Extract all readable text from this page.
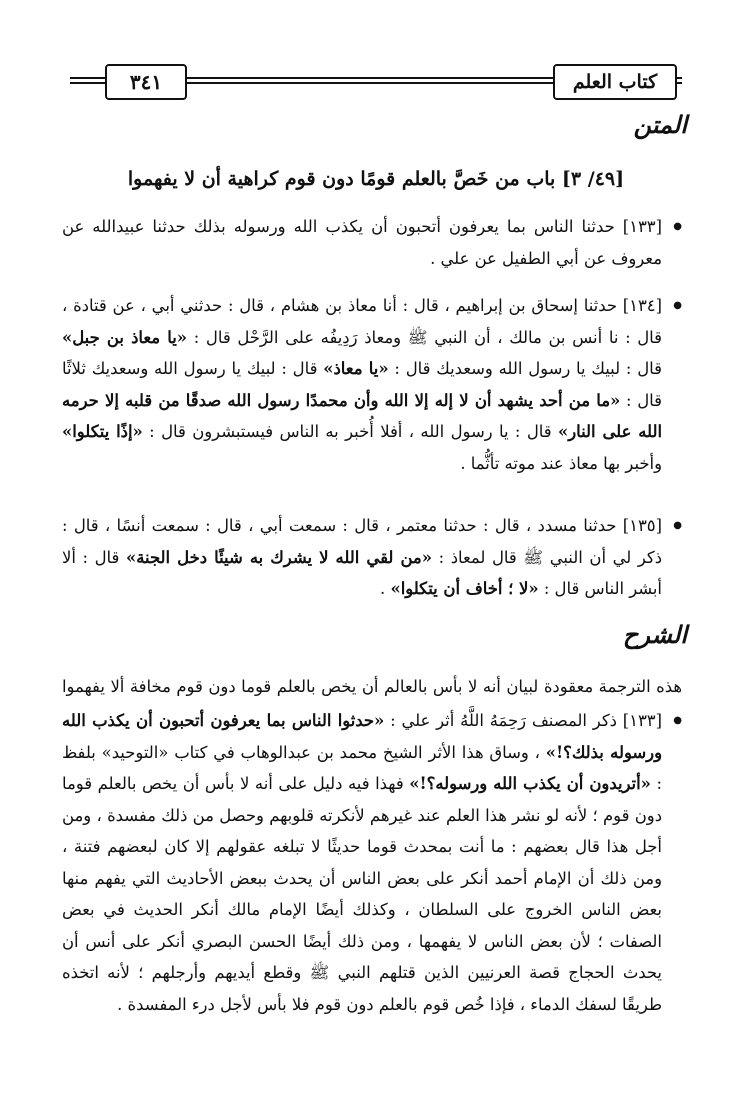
كتاب العلم
٣٤١
المتن
[٤٩/ ٣] باب من خَصَّ بالعلم قومًا دون قوم كراهية أن لا يفهموا
● [١٣٣] حدثنا الناس بما يعرفون أتحبون أن يكذب الله ورسوله بذلك حدثنا عبيدالله عن معروف عن أبي الطفيل عن علي .
● [١٣٤] حدثنا إسحاق بن إبراهيم ، قال : أنا معاذ بن هشام ، قال : حدثني أبي ، عن قتادة ، قال : نا أنس بن مالك ، أن النبي ﷺ ومعاذ رَدِيفُه على الرَّحْل قال : «يا معاذ بن جبل» قال : لبيك يا رسول الله وسعديك قال : «يا معاذ» قال : لبيك يا رسول الله وسعديك ثلاثًا قال : «ما من أحد يشهد أن لا إله إلا الله وأن محمدًا رسول الله صدقًا من قلبه إلا حرمه الله على النار» قال : يا رسول الله ، أفلا أُخبر به الناس فيستبشرون قال : «إذًا يتكلوا» وأخبر بها معاذ عند موته تأثُّما .
● [١٣٥] حدثنا مسدد ، قال : حدثنا معتمر ، قال : سمعت أبي ، قال : سمعت أنسًا ، قال : ذكر لي أن النبي ﷺ قال لمعاذ : «من لقي الله لا يشرك به شيئًا دخل الجنة» قال : ألا أبشر الناس قال : «لا ؛ أخاف أن يتكلوا» .
الشرح
هذه الترجمة معقودة لبيان أنه لا بأس بالعالم أن يخص بالعلم قوما دون قوم مخافة ألا يفهموا .
● [١٣٣] ذكر المصنف رَحِمَهُ اللَّهُ أثر علي : «حدثوا الناس بما يعرفون أتحبون أن يكذب الله ورسوله بذلك؟!» ، وساق هذا الأثر الشيخ محمد بن عبدالوهاب في كتاب «التوحيد» بلفظ : «أتريدون أن يكذب الله ورسوله؟!» فهذا فيه دليل على أنه لا بأس أن يخص بالعلم قوما دون قوم ؛ لأنه لو نشر هذا العلم عند غيرهم لأنكرته قلوبهم وحصل من ذلك مفسدة ، ومن أجل هذا قال بعضهم : ما أنت بمحدث قوما حديثًا لا تبلغه عقولهم إلا كان لبعضهم فتنة ، ومن ذلك أن الإمام أحمد أنكر على بعض الناس أن يحدث ببعض الأحاديث التي يفهم منها بعض الناس الخروج على السلطان ، وكذلك أيضًا الإمام مالك أنكر الحديث في بعض الصفات ؛ لأن بعض الناس لا يفهمها ، ومن ذلك أيضًا الحسن البصري أنكر على أنس أن يحدث الحجاج قصة العرنيين الذين قتلهم النبي ﷺ وقطع أيديهم وأرجلهم ؛ لأنه اتخذه طريقًا لسفك الدماء ، فإذا خُص قوم بالعلم دون قوم فلا بأس لأجل درء المفسدة .
